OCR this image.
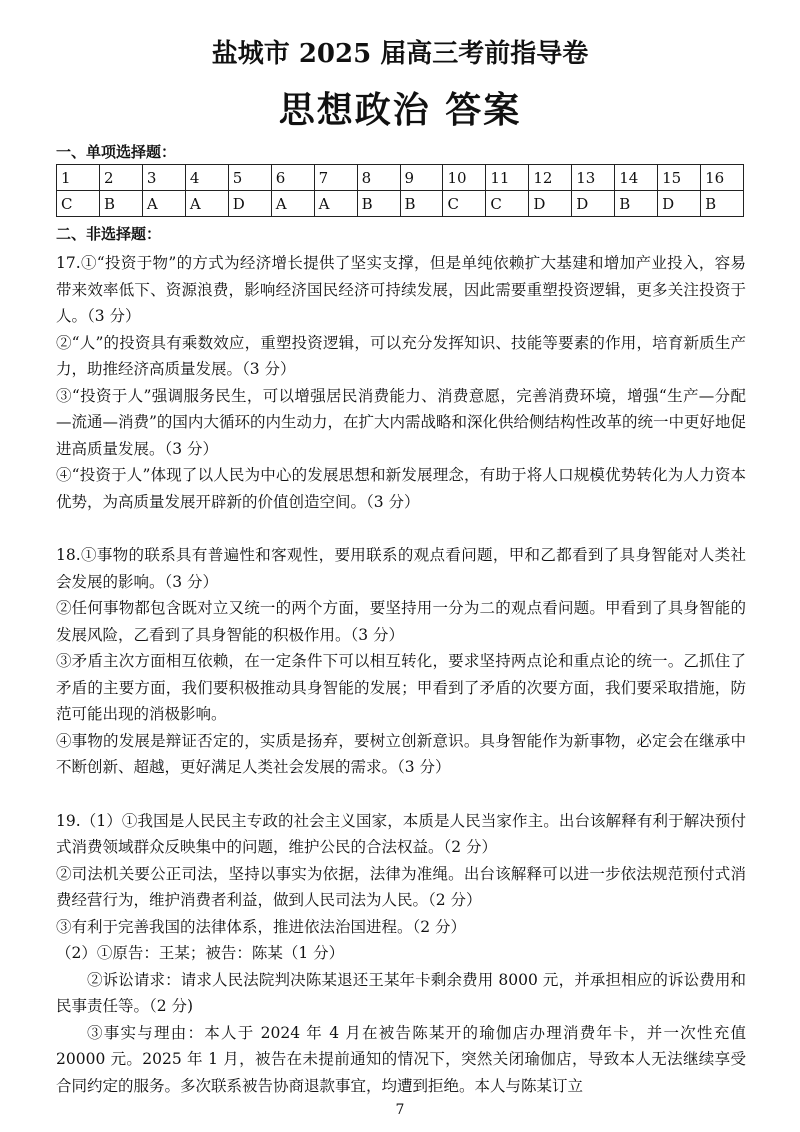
盐城市 2025 届高三考前指导卷
思想政治 答案
一、单项选择题：
1	2	3	4	5	6	7	8	9	10	11	12	13	14	15	16
C	B	A	A	D	A	A	B	B	C	C	D	D	B	D	B
二、非选择题：

17.①“投资于物”的方式为经济增长提供了坚实支撑，但是单纯依赖扩大基建和增加产业投入，容易带来效率低下、资源浪费，影响经济国民经济可持续发展，因此需要重塑投资逻辑，更多关注投资于人。（3 分）

②“人”的投资具有乘数效应，重塑投资逻辑，可以充分发挥知识、技能等要素的作用，培育新质生产力，助推经济高质量发展。（3 分）

③“投资于人”强调服务民生，可以增强居民消费能力、消费意愿，完善消费环境，增强“生产—分配—流通—消费”的国内大循环的内生动力，在扩大内需战略和深化供给侧结构性改革的统一中更好地促进高质量发展。（3 分）

④“投资于人”体现了以人民为中心的发展思想和新发展理念，有助于将人口规模优势转化为人力资本优势，为高质量发展开辟新的价值创造空间。（3 分）

18.①事物的联系具有普遍性和客观性，要用联系的观点看问题，甲和乙都看到了具身智能对人类社会发展的影响。（3 分）

②任何事物都包含既对立又统一的两个方面，要坚持用一分为二的观点看问题。甲看到了具身智能的发展风险，乙看到了具身智能的积极作用。（3 分）

③矛盾主次方面相互依赖，在一定条件下可以相互转化，要求坚持两点论和重点论的统一。乙抓住了矛盾的主要方面，我们要积极推动具身智能的发展；甲看到了矛盾的次要方面，我们要采取措施，防范可能出现的消极影响。

④事物的发展是辩证否定的，实质是扬弃，要树立创新意识。具身智能作为新事物，必定会在继承中不断创新、超越，更好满足人类社会发展的需求。（3 分）

19.（1）①我国是人民民主专政的社会主义国家，本质是人民当家作主。出台该解释有利于解决预付式消费领域群众反映集中的问题，维护公民的合法权益。（2 分）

②司法机关要公正司法，坚持以事实为依据，法律为准绳。出台该解释可以进一步依法规范预付式消费经营行为，维护消费者利益，做到人民司法为人民。（2 分）

③有利于完善我国的法律体系，推进依法治国进程。（2 分）

（2）①原告：王某；被告：陈某（1 分）

②诉讼请求：请求人民法院判决陈某退还王某年卡剩余费用 8000 元，并承担相应的诉讼费用和民事责任等。（2 分)

③事实与理由：本人于 2024 年 4 月在被告陈某开的瑜伽店办理消费年卡，并一次性充值 20000 元。2025 年 1 月，被告在未提前通知的情况下，突然关闭瑜伽店，导致本人无法继续享受合同约定的服务。多次联系被告协商退款事宜，均遭到拒绝。本人与陈某订立

7
